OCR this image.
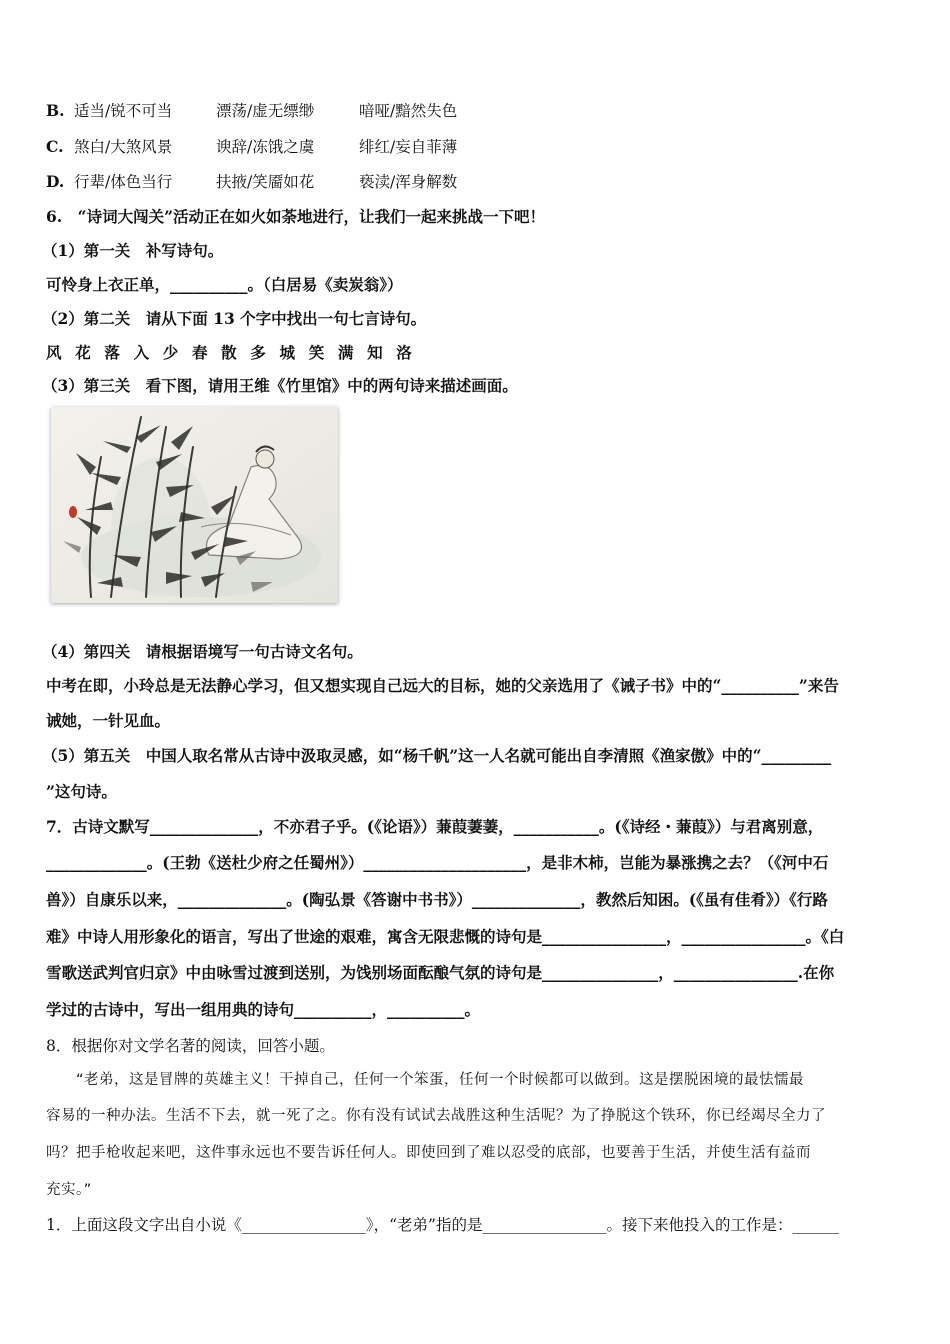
B. 适当/锐不可当	漂荡/虚无缥缈	喑哑/黯然失色
C. 煞白/大煞风景	谀辞/冻饿之虞	绯红/妄自菲薄
D. 行辈/体色当行	扶掖/笑靥如花	亵渎/浑身解数
6.　“诗词大闯关”活动正在如火如荼地进行，让我们一起来挑战一下吧！
（1）第一关　补写诗句。
可怜身上衣正单，__________。（白居易《卖炭翁》）
（2）第二关　请从下面 13 个字中找出一句七言诗句。
风 花 落 入 少 春 散 多 城 笑 满 知 洛
（3）第三关　看下图，请用王维《竹里馆》中的两句诗来描述画面。
（4）第四关　请根据语境写一句古诗文名句。
中考在即，小玲总是无法静心学习，但又想实现自己远大的目标，她的父亲选用了《诫子书》中的“__________”来告
诫她，一针见血。
（5）第五关　中国人取名常从古诗中汲取灵感，如“杨千帆”这一人名就可能出自李清照《渔家傲》中的“_________
”这句诗。
7．古诗文默写______________，不亦君子乎。(《论语》）蒹葭萋萋，___________。(《诗经・蒹葭》）与君离别意，
_____________。(王勃《送杜少府之任蜀州》）_____________________，是非木柿，岂能为暴涨携之去？（《河中石
兽》）自康乐以来，______________。(陶弘景《答谢中书书》）______________，教然后知困。(《虽有佳肴》）《行路
难》中诗人用形象化的语言，写出了世途的艰难，寓含无限悲慨的诗句是________________，________________。《白
雪歌送武判官归京》中由咏雪过渡到送别，为饯别场面酝酿气氛的诗句是_______________，________________.在你
学过的古诗中，写出一组用典的诗句__________，__________。
8．根据你对文学名著的阅读，回答小题。
　　“老弟，这是冒牌的英雄主义！干掉自己，任何一个笨蛋，任何一个时候都可以做到。这是摆脱困境的最怯懦最
容易的一种办法。生活不下去，就一死了之。你有没有试试去战胜这种生活呢？为了挣脱这个铁环，你已经竭尽全力了
吗？把手枪收起来吧，这件事永远也不要告诉任何人。即使回到了难以忍受的底部，也要善于生活，并使生活有益而
充实。”
1．上面这段文字出自小说《________________》，“老弟”指的是________________。接下来他投入的工作是：______
